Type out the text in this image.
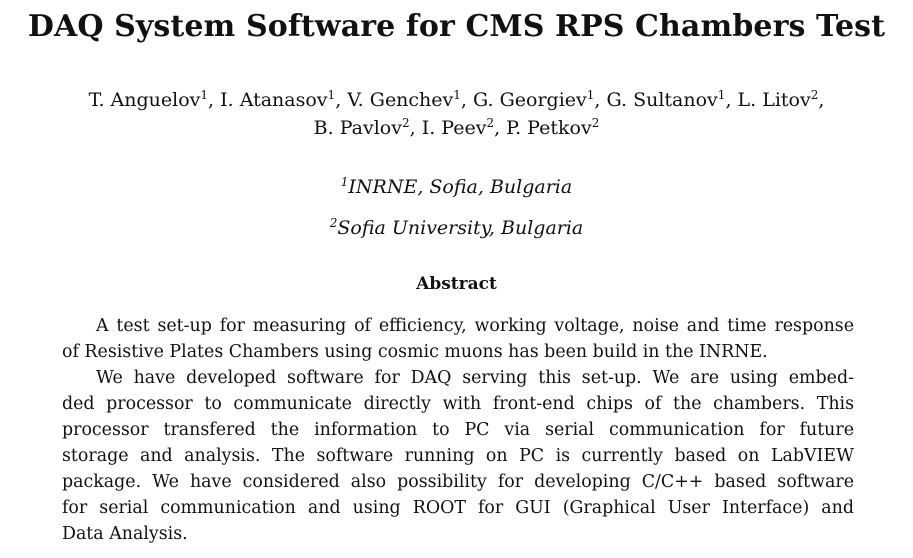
DAQ System Software for CMS RPS Chambers Test
T. Anguelov$^1$, I. Atanasov$^1$, V. Genchev$^1$, G. Georgiev$^1$, G. Sultanov$^1$, L. Litov$^2$,
B. Pavlov$^2$, I. Peev$^2$, P. Petkov$^2$
$^1$INRNE, Sofia, Bulgaria
$^2$Sofia University, Bulgaria
Abstract
A test set-up for measuring of efficiency, working voltage, noise and time response
of Resistive Plates Chambers using cosmic muons has been build in the INRNE.
We have developed software for DAQ serving this set-up. We are using embed-
ded processor to communicate directly with front-end chips of the chambers. This
processor transfered the information to PC via serial communication for future
storage and analysis. The software running on PC is currently based on LabVIEW
package. We have considered also possibility for developing C/C++ based software
for serial communication and using ROOT for GUI (Graphical User Interface) and
Data Analysis.
